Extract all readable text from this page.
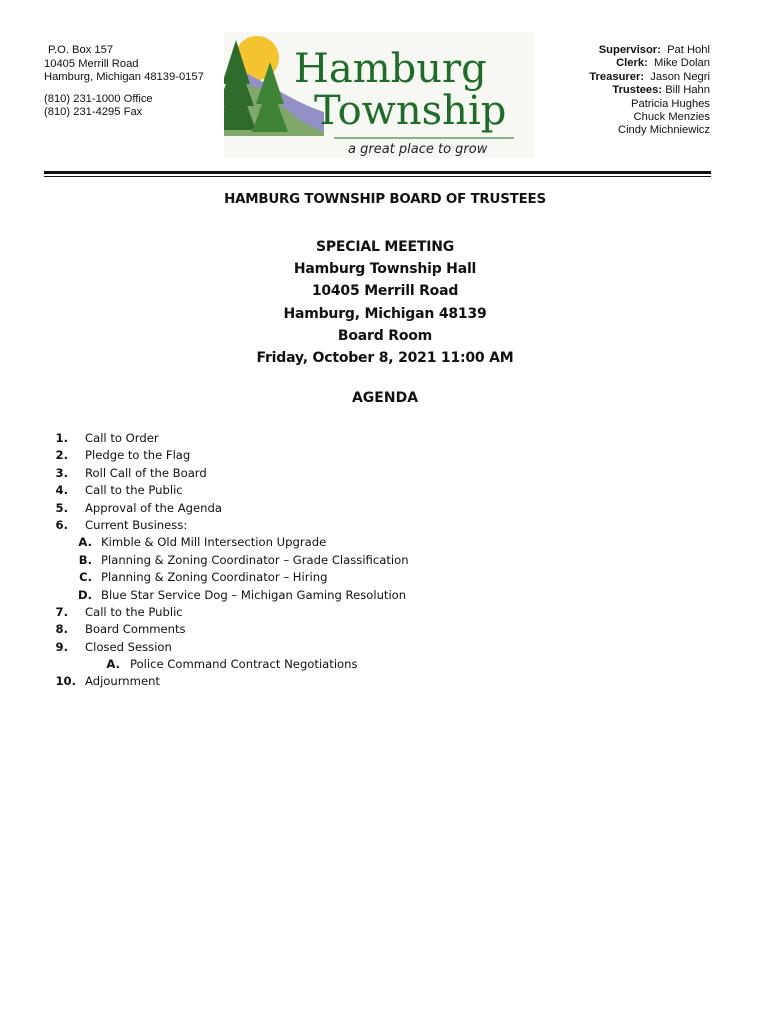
P.O. Box 157
10405 Merrill Road
Hamburg, Michigan 48139-0157
(810) 231-1000 Office
(810) 231-4295 Fax
Hamburg
Township
a great place to grow
Supervisor: Pat Hohl
Clerk: Mike Dolan
Treasurer: Jason Negri
Trustees: Bill Hahn
Patricia Hughes
Chuck Menzies
Cindy Michniewicz
HAMBURG TOWNSHIP BOARD OF TRUSTEES
SPECIAL MEETING
Hamburg Township Hall
10405 Merrill Road
Hamburg, Michigan 48139
Board Room
Friday, October 8, 2021 11:00 AM
AGENDA
1. Call to Order
2. Pledge to the Flag
3. Roll Call of the Board
4. Call to the Public
5. Approval of the Agenda
6. Current Business:
A. Kimble & Old Mill Intersection Upgrade
B. Planning & Zoning Coordinator – Grade Classification
C. Planning & Zoning Coordinator – Hiring
D. Blue Star Service Dog – Michigan Gaming Resolution
7. Call to the Public
8. Board Comments
9. Closed Session
A. Police Command Contract Negotiations
10. Adjournment
